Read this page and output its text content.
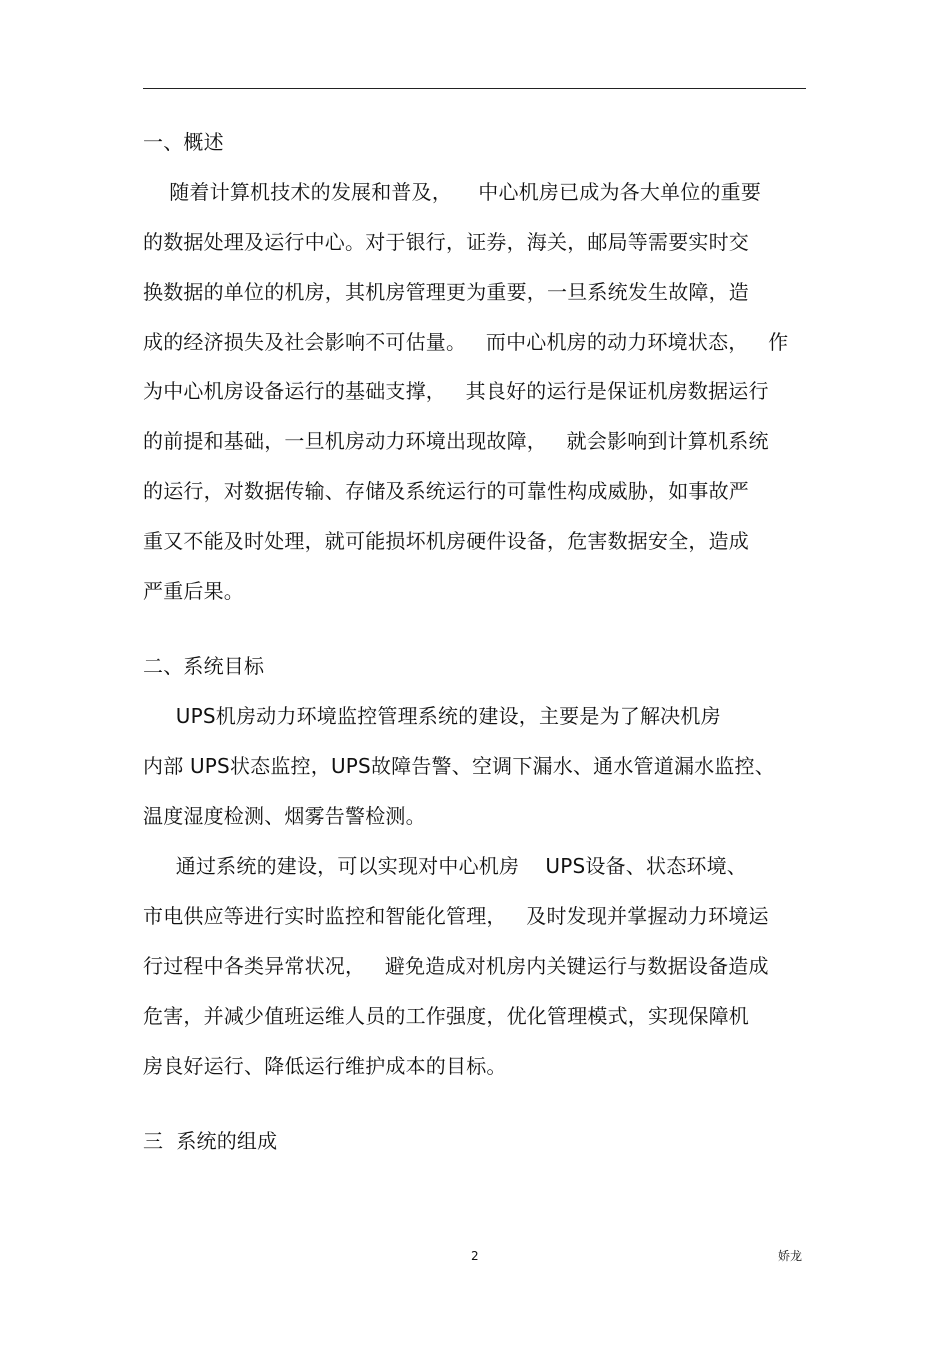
一、概述
随着计算机技术的发展和普及，    中心机房已成为各大单位的重要
的数据处理及运行中心。对于银行，证券，海关，邮局等需要实时交
换数据的单位的机房，其机房管理更为重要，一旦系统发生故障，造
成的经济损失及社会影响不可估量。   而中心机房的动力环境状态，   作
为中心机房设备运行的基础支撑，   其良好的运行是保证机房数据运行
的前提和基础，一旦机房动力环境出现故障，   就会影响到计算机系统
的运行，对数据传输、存储及系统运行的可靠性构成威胁，如事故严
重又不能及时处理，就可能损坏机房硬件设备，危害数据安全，造成
严重后果。
二、系统目标
UPS机房动力环境监控管理系统的建设，主要是为了解决机房
内部 UPS状态监控，UPS故障告警、空调下漏水、通水管道漏水监控、
温度湿度检测、烟雾告警检测。
通过系统的建设，可以实现对中心机房    UPS设备、状态环境、
市电供应等进行实时监控和智能化管理，   及时发现并掌握动力环境运
行过程中各类异常状况，   避免造成对机房内关键运行与数据设备造成
危害，并减少值班运维人员的工作强度，优化管理模式，实现保障机
房良好运行、降低运行维护成本的目标。
三  系统的组成
2	娇龙
